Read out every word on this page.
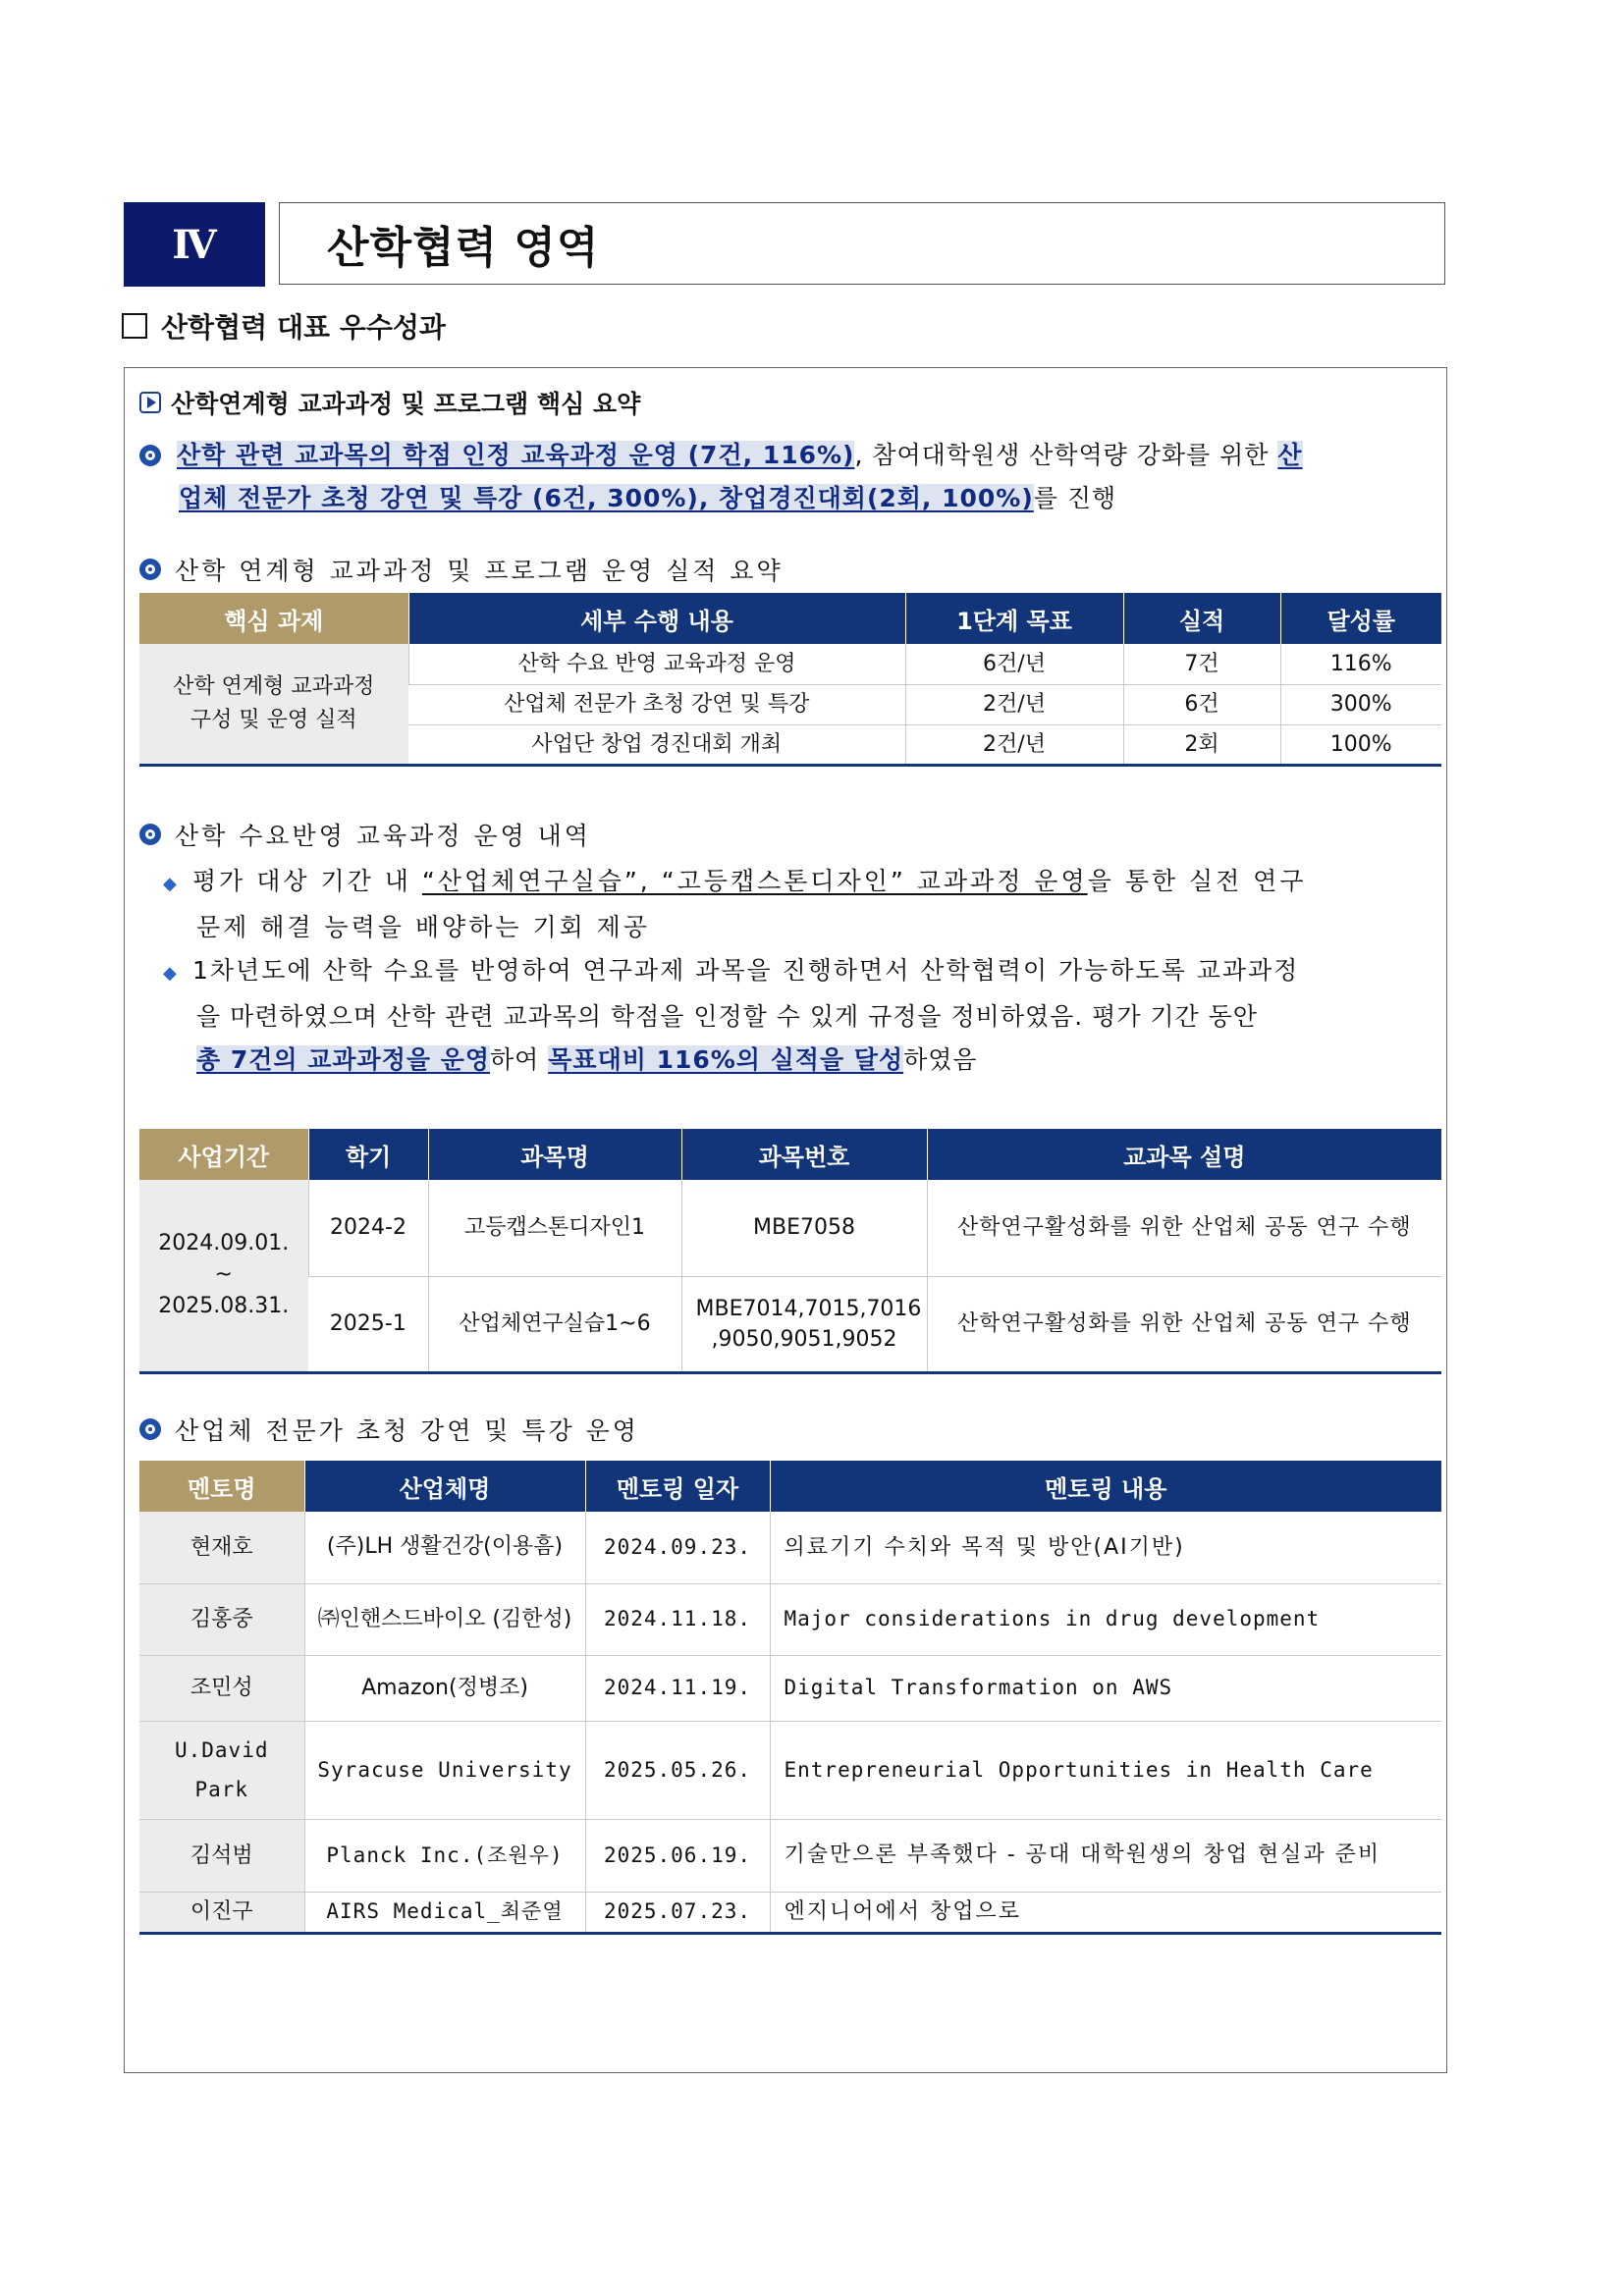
Ⅳ	산학협력 영역
산학협력 대표 우수성과
산학연계형 교과과정 및 프로그램 핵심 요약
산학 관련 교과목의 학점 인정 교육과정 운영 (7건, 116%), 참여대학원생 산학역량 강화를 위한 산
업체 전문가 초청 강연 및 특강 (6건, 300%), 창업경진대회(2회, 100%)를 진행
산학 연계형 교과과정 및 프로그램 운영 실적 요약
핵심 과제	세부 수행 내용	1단계 목표	실적	달성률

산학 연계형 교과과정
구성 및 운영 실적	산학 수요 반영 교육과정 운영	6건/년	7건	116%
	산업체 전문가 초청 강연 및 특강	2건/년	6건	300%
	사업단 창업 경진대회 개최	2건/년	2회	100%
산학 수요반영 교육과정 운영 내역
◆ 평가 대상 기간 내 “산업체연구실습”, “고등캡스톤디자인” 교과과정 운영을 통한 실전 연구
문제 해결 능력을 배양하는 기회 제공
◆ 1차년도에 산학 수요를 반영하여 연구과제 과목을 진행하면서 산학협력이 가능하도록 교과과정
을 마련하였으며 산학 관련 교과목의 학점을 인정할 수 있게 규정을 정비하였음. 평가 기간 동안
총 7건의 교과과정을 운영하여 목표대비 116%의 실적을 달성하였음
사업기간	학기	과목명	과목번호	교과목 설명

2024.09.01.
~
2025.08.31.	2024-2	고등캡스톤디자인1	MBE7058	산학연구활성화를 위한 산업체 공동 연구 수행
	2025-1	산업체연구실습1~6	MBE7014,7015,7016 ,9050,9051,9052	산학연구활성화를 위한 산업체 공동 연구 수행
산업체 전문가 초청 강연 및 특강 운영
멘토명	산업체명	멘토링 일자	멘토링 내용
현재호	(주)LH 생활건강(이용흠)	2024.09.23.	의료기기 수치와 목적 및 방안(AI기반)
김홍중	㈜인핸스드바이오 (김한성)	2024.11.18.	Major considerations in drug development
조민성	Amazon(정병조)	2024.11.19.	Digital Transformation on AWS
U.David Park	Syracuse University	2025.05.26.	Entrepreneurial Opportunities in Health Care
김석범	Planck Inc.(조원우)	2025.06.19.	기술만으론 부족했다 - 공대 대학원생의 창업 현실과 준비
이진구	AIRS Medical_최준열	2025.07.23.	엔지니어에서 창업으로
